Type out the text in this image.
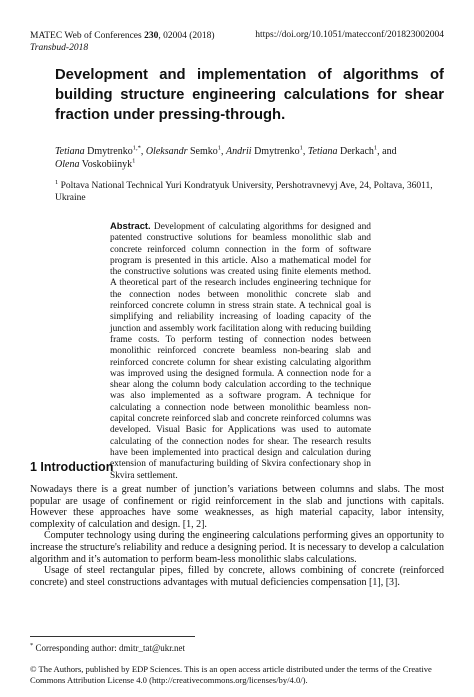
MATEC Web of Conferences 230, 02004 (2018)
Transbud-2018
https://doi.org/10.1051/matecconf/201823002004
Development and implementation of algorithms of building structure engineering calculations for shear fraction under pressing-through.
Tetiana Dmytrenko$^{1,*}$, Oleksandr Semko$^1$, Andrii Dmytrenko$^1$, Tetiana Derkach$^1$, and
Olena Voskobiinyk$^1$
$^1$ Poltava National Technical Yuri Kondratyuk University, Pershotravnevyj Ave, 24, Poltava, 36011, Ukraine
Abstract. Development of calculating algorithms for designed and patented constructive solutions for beamless monolithic slab and concrete reinforced column connection in the form of software program is presented in this article. Also a mathematical model for the constructive solutions was created using finite elements method. A theoretical part of the research includes engineering technique for the connection nodes between monolithic concrete slab and reinforced concrete column in stress strain state. A technical goal is simplifying and reliability increasing of loading capacity of the junction and assembly work facilitation along with reducing building frame costs. To perform testing of connection nodes between monolithic reinforced concrete beamless non-bearing slab and reinforced concrete column for shear existing calculating algorithm was improved using the designed formula. A connection node for a shear along the column body calculation according to the technique was also implemented as a software program. A technique for calculating a connection node between monolithic beamless non-capital concrete reinforced slab and concrete reinforced columns was developed. Visual Basic for Applications was used to automate calculating of the connection nodes for shear. The research results have been implemented into practical design and calculation during extension of manufacturing building of Skvira confectionary shop in Skvira settlement.
1 Introduction

Nowadays there is a great number of junction’s variations between columns and slabs. The most popular are usage of confinement or rigid reinforcement in the slab and junctions with capitals. However these approaches have some weaknesses, as high material capacity, labor intensity, complexity of calculation and design. [1, 2].

Computer technology using during the engineering calculations performing gives an opportunity to increase the structure's reliability and reduce a designing period. It is necessary to develop a calculation algorithm and it’s automation to perform beam-less monolithic slabs calculations.

Usage of steel rectangular pipes, filled by concrete, allows combining of concrete (reinforced concrete) and steel constructions advantages with mutual deficiencies compensation [1], [3].

* Corresponding author: dmitr_tat@ukr.net
© The Authors, published by EDP Sciences. This is an open access article distributed under the terms of the Creative Commons Attribution License 4.0 (http://creativecommons.org/licenses/by/4.0/).
